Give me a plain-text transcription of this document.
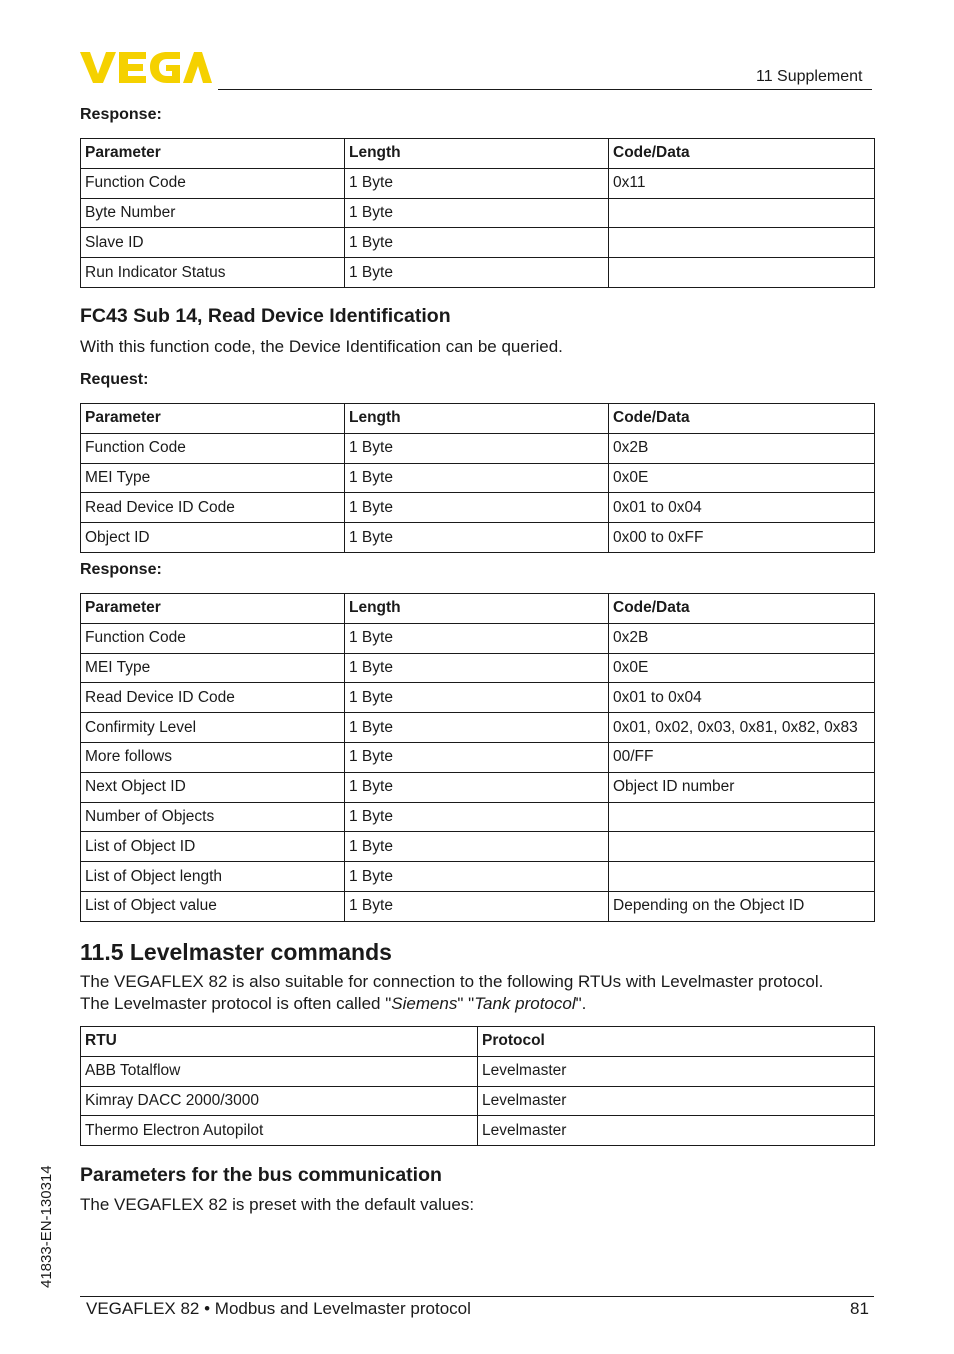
11 Supplement
Response:
Parameter	Length	Code/Data
Function Code	1 Byte	0x11
Byte Number	1 Byte	
Slave ID	1 Byte	
Run Indicator Status	1 Byte	
FC43 Sub 14, Read Device Identification
With this function code, the Device Identification can be queried.
Request:
Parameter	Length	Code/Data
Function Code	1 Byte	0x2B
MEI Type	1 Byte	0x0E
Read Device ID Code	1 Byte	0x01 to 0x04
Object ID	1 Byte	0x00 to 0xFF
Response:
Parameter	Length	Code/Data
Function Code	1 Byte	0x2B
MEI Type	1 Byte	0x0E
Read Device ID Code	1 Byte	0x01 to 0x04
Confirmity Level	1 Byte	0x01, 0x02, 0x03, 0x81, 0x82, 0x83
More follows	1 Byte	00/FF
Next Object ID	1 Byte	Object ID number
Number of Objects	1 Byte	
List of Object ID	1 Byte	
List of Object length	1 Byte	
List of Object value	1 Byte	Depending on the Object ID
11.5 Levelmaster commands
The VEGAFLEX 82 is also suitable for connection to the following RTUs with Levelmaster protocol.
The Levelmaster protocol is often called "Siemens" "Tank protocol".
RTU	Protocol
ABB Totalflow	Levelmaster
Kimray DACC 2000/3000	Levelmaster
Thermo Electron Autopilot	Levelmaster
Parameters for the bus communication
The VEGAFLEX 82 is preset with the default values:
41833-EN-130314
VEGAFLEX 82 • Modbus and Levelmaster protocol	81
